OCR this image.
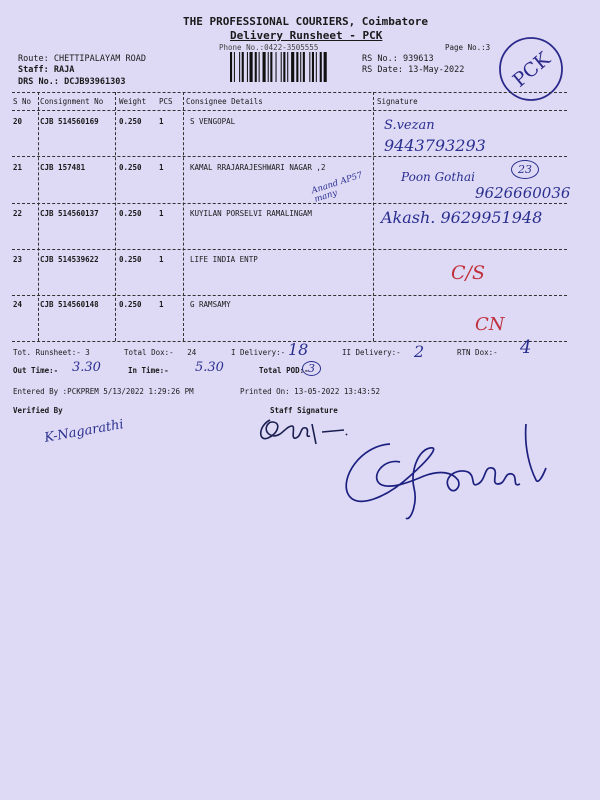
THE PROFESSIONAL COURIERS, Coimbatore
Delivery Runsheet - PCK
Phone No.:0422-3505555	Page No.:3
PCK
Route: CHETTIPALAYAM ROAD
Staff: RAJA
DRS No.: DCJB93961303
RS No.: 939613
RS Date: 13-May-2022
S No Consignment No Weight PCS Consignee Details	Signature
20 CJB 514560169	0.250 1	S VENGOPAL	S.vezan
9443793293
21 CJB 157481	0.250 1	KAMAL RRAJARAJESHWARI NAGAR ,2
Anand AP57 many
Poon Gothai
23
9626660036
22 CJB 514560137	0.250 1	KUYILAN PORSELVI RAMALINGAM	Akash. 9629951948
23 CJB 514539622	0.250 1	LIFE INDIA ENTP
C/S
24 CJB 514560148	0.250 1	G RAMSAMY
CN
Tot. Runsheet:- 3	Total Dox:- 24	I Delivery:- 18	II Delivery:- 2	RTN Dox:- 4
Out Time:- 3.30	In Time:- 5.30	Total POD:- 3
Entered By :PCKPREM 5/13/2022 1:29:26 PM	Printed On: 13-05-2022 13:43:52
Verified By	Staff Signature
K-Nagarathi
